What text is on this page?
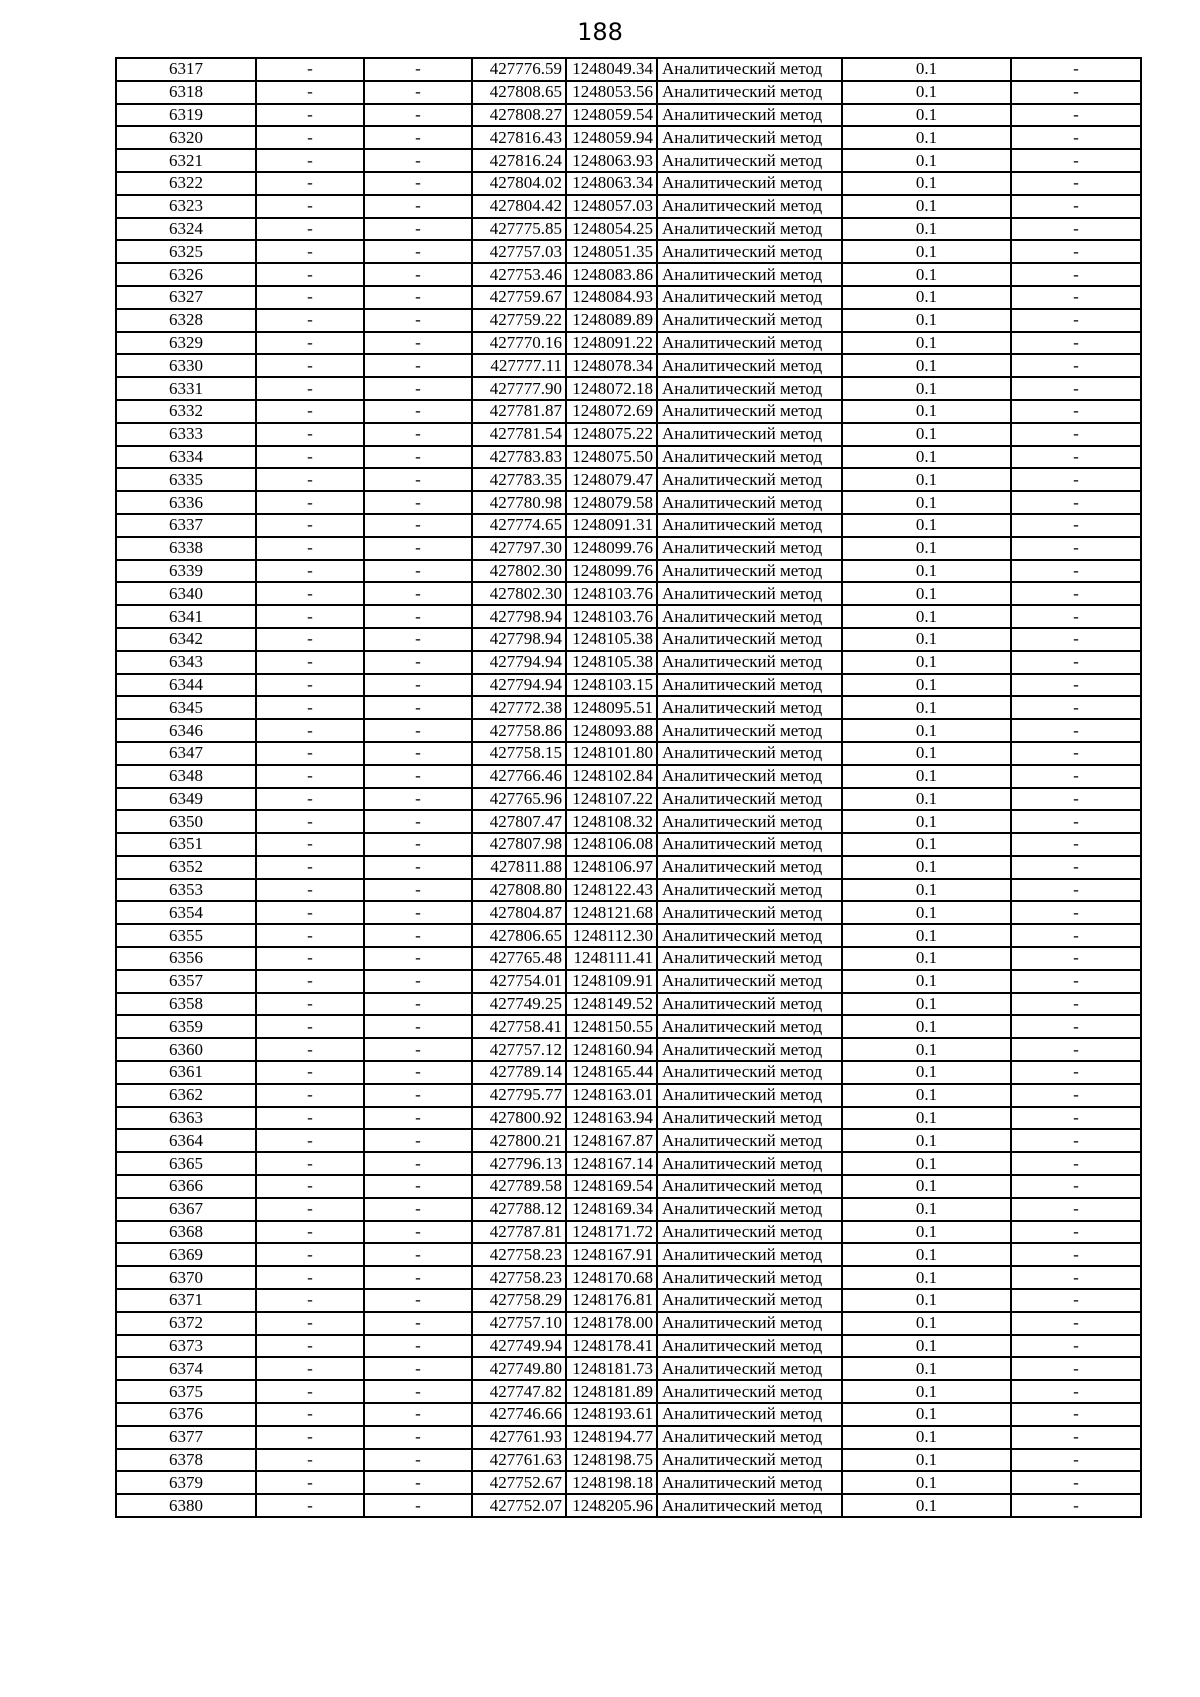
188
6317	-	-	427776.59	1248049.34	Аналитический метод	0.1	-
6318	-	-	427808.65	1248053.56	Аналитический метод	0.1	-
6319	-	-	427808.27	1248059.54	Аналитический метод	0.1	-
6320	-	-	427816.43	1248059.94	Аналитический метод	0.1	-
6321	-	-	427816.24	1248063.93	Аналитический метод	0.1	-
6322	-	-	427804.02	1248063.34	Аналитический метод	0.1	-
6323	-	-	427804.42	1248057.03	Аналитический метод	0.1	-
6324	-	-	427775.85	1248054.25	Аналитический метод	0.1	-
6325	-	-	427757.03	1248051.35	Аналитический метод	0.1	-
6326	-	-	427753.46	1248083.86	Аналитический метод	0.1	-
6327	-	-	427759.67	1248084.93	Аналитический метод	0.1	-
6328	-	-	427759.22	1248089.89	Аналитический метод	0.1	-
6329	-	-	427770.16	1248091.22	Аналитический метод	0.1	-
6330	-	-	427777.11	1248078.34	Аналитический метод	0.1	-
6331	-	-	427777.90	1248072.18	Аналитический метод	0.1	-
6332	-	-	427781.87	1248072.69	Аналитический метод	0.1	-
6333	-	-	427781.54	1248075.22	Аналитический метод	0.1	-
6334	-	-	427783.83	1248075.50	Аналитический метод	0.1	-
6335	-	-	427783.35	1248079.47	Аналитический метод	0.1	-
6336	-	-	427780.98	1248079.58	Аналитический метод	0.1	-
6337	-	-	427774.65	1248091.31	Аналитический метод	0.1	-
6338	-	-	427797.30	1248099.76	Аналитический метод	0.1	-
6339	-	-	427802.30	1248099.76	Аналитический метод	0.1	-
6340	-	-	427802.30	1248103.76	Аналитический метод	0.1	-
6341	-	-	427798.94	1248103.76	Аналитический метод	0.1	-
6342	-	-	427798.94	1248105.38	Аналитический метод	0.1	-
6343	-	-	427794.94	1248105.38	Аналитический метод	0.1	-
6344	-	-	427794.94	1248103.15	Аналитический метод	0.1	-
6345	-	-	427772.38	1248095.51	Аналитический метод	0.1	-
6346	-	-	427758.86	1248093.88	Аналитический метод	0.1	-
6347	-	-	427758.15	1248101.80	Аналитический метод	0.1	-
6348	-	-	427766.46	1248102.84	Аналитический метод	0.1	-
6349	-	-	427765.96	1248107.22	Аналитический метод	0.1	-
6350	-	-	427807.47	1248108.32	Аналитический метод	0.1	-
6351	-	-	427807.98	1248106.08	Аналитический метод	0.1	-
6352	-	-	427811.88	1248106.97	Аналитический метод	0.1	-
6353	-	-	427808.80	1248122.43	Аналитический метод	0.1	-
6354	-	-	427804.87	1248121.68	Аналитический метод	0.1	-
6355	-	-	427806.65	1248112.30	Аналитический метод	0.1	-
6356	-	-	427765.48	1248111.41	Аналитический метод	0.1	-
6357	-	-	427754.01	1248109.91	Аналитический метод	0.1	-
6358	-	-	427749.25	1248149.52	Аналитический метод	0.1	-
6359	-	-	427758.41	1248150.55	Аналитический метод	0.1	-
6360	-	-	427757.12	1248160.94	Аналитический метод	0.1	-
6361	-	-	427789.14	1248165.44	Аналитический метод	0.1	-
6362	-	-	427795.77	1248163.01	Аналитический метод	0.1	-
6363	-	-	427800.92	1248163.94	Аналитический метод	0.1	-
6364	-	-	427800.21	1248167.87	Аналитический метод	0.1	-
6365	-	-	427796.13	1248167.14	Аналитический метод	0.1	-
6366	-	-	427789.58	1248169.54	Аналитический метод	0.1	-
6367	-	-	427788.12	1248169.34	Аналитический метод	0.1	-
6368	-	-	427787.81	1248171.72	Аналитический метод	0.1	-
6369	-	-	427758.23	1248167.91	Аналитический метод	0.1	-
6370	-	-	427758.23	1248170.68	Аналитический метод	0.1	-
6371	-	-	427758.29	1248176.81	Аналитический метод	0.1	-
6372	-	-	427757.10	1248178.00	Аналитический метод	0.1	-
6373	-	-	427749.94	1248178.41	Аналитический метод	0.1	-
6374	-	-	427749.80	1248181.73	Аналитический метод	0.1	-
6375	-	-	427747.82	1248181.89	Аналитический метод	0.1	-
6376	-	-	427746.66	1248193.61	Аналитический метод	0.1	-
6377	-	-	427761.93	1248194.77	Аналитический метод	0.1	-
6378	-	-	427761.63	1248198.75	Аналитический метод	0.1	-
6379	-	-	427752.67	1248198.18	Аналитический метод	0.1	-
6380	-	-	427752.07	1248205.96	Аналитический метод	0.1	-
